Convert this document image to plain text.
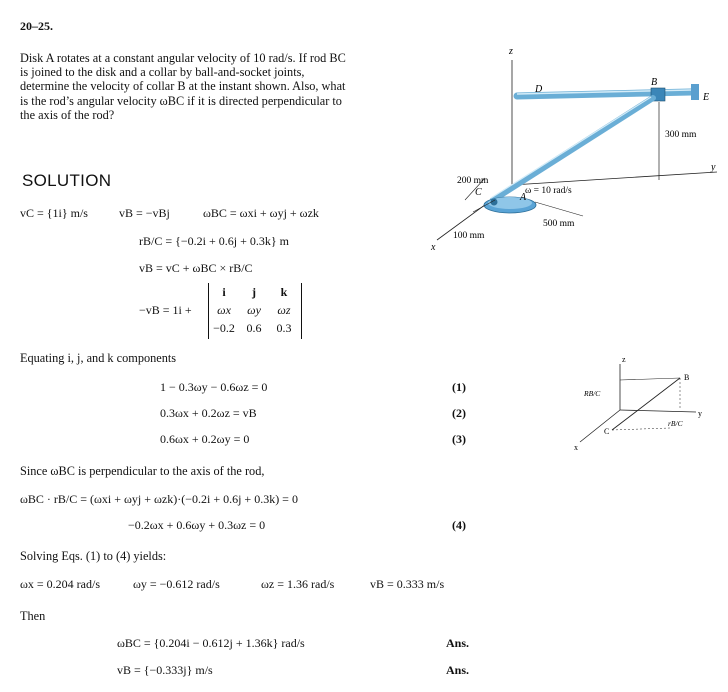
20–25.
Disk A rotates at a constant angular velocity of 10 rad/s. If rod BC is joined to the disk and a collar by ball-and-socket joints, determine the velocity of collar B at the instant shown. Also, what is the rod’s angular velocity ωBC if it is directed perpendicular to the axis of the rod?
z
x
y
300 mm
D
B
E
C	A
200 mm
100 mm
500 mm
ω = 10 rad/s
SOLUTION
vC = {1i} m/s	vB = −vBj	ωBC = ωxi + ωyj + ωzk
rB/C = {−0.2i + 0.6j + 0.3k} m
vB = vC + ωBC × rB/C
−vB = 1i +
i	j	k
ωx	ωy	ωz
−0.2 0.6 0.3
Equating i, j, and k components
1 − 0.3ωy − 0.6ωz = 0	(1)
0.3ωx + 0.2ωz = vB	(2)
0.6ωx + 0.2ωy = 0	(3)
Since ωBC is perpendicular to the axis of the rod,
ωBC · rB/C = (ωxi + ωyj + ωzk)·(−0.2i + 0.6j + 0.3k) = 0
−0.2ωx + 0.6ωy + 0.3ωz = 0	(4)
Solving Eqs. (1) to (4) yields:
ωx = 0.204 rad/s	ωy = −0.612 rad/s	ωz = 1.36 rad/s	vB = 0.333 m/s
Then
ωBC = {0.204i − 0.612j + 1.36k} rad/s	Ans.
vB = {−0.333j} m/s	Ans.
z
B
C
x
y
RB/C
rB/C
